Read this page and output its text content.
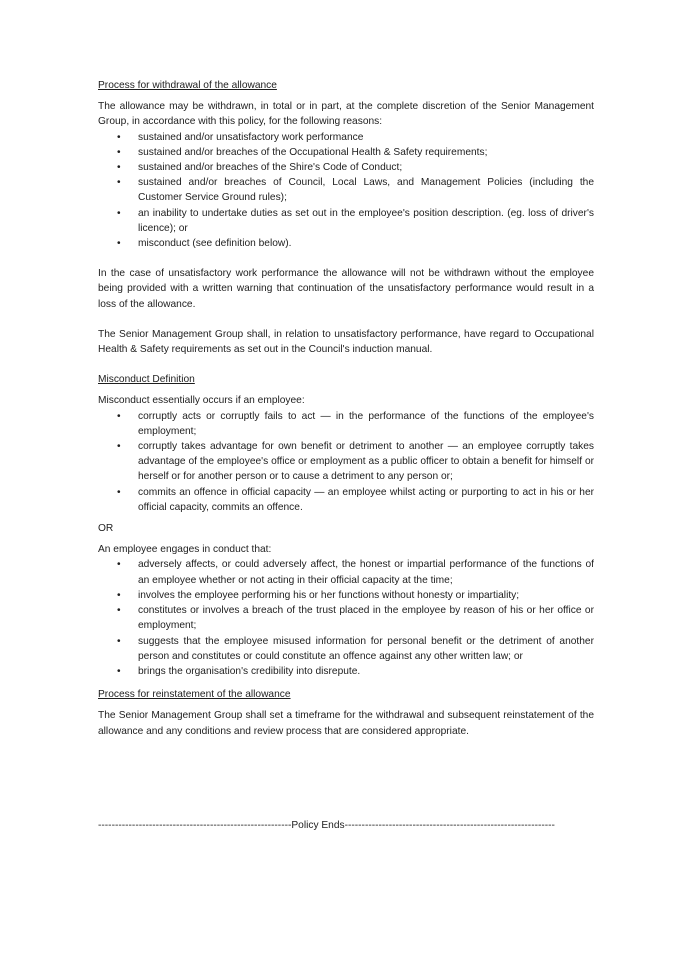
Process for withdrawal of the allowance

The allowance may be withdrawn, in total or in part, at the complete discretion of the Senior Management Group, in accordance with this policy, for the following reasons:

• sustained and/or unsatisfactory work performance
• sustained and/or breaches of the Occupational Health & Safety requirements;
• sustained and/or breaches of the Shire's Code of Conduct;
• sustained and/or breaches of Council, Local Laws, and Management Policies (including the Customer Service Ground rules);
• an inability to undertake duties as set out in the employee's position description. (eg. loss of driver's licence); or
• misconduct (see definition below).

In the case of unsatisfactory work performance the allowance will not be withdrawn without the employee being provided with a written warning that continuation of the unsatisfactory performance would result in a loss of the allowance.

The Senior Management Group shall, in relation to unsatisfactory performance, have regard to Occupational Health & Safety requirements as set out in the Council's induction manual.

Misconduct Definition

Misconduct essentially occurs if an employee:

• corruptly acts or corruptly fails to act — in the performance of the functions of the employee's employment;
• corruptly takes advantage for own benefit or detriment to another — an employee corruptly takes advantage of the employee's office or employment as a public officer to obtain a benefit for himself or herself or for another person or to cause a detriment to any person or;
• commits an offence in official capacity — an employee whilst acting or purporting to act in his or her official capacity, commits an offence.
OR

An employee engages in conduct that:

• adversely affects, or could adversely affect, the honest or impartial performance of the functions of an employee whether or not acting in their official capacity at the time;
• involves the employee performing his or her functions without honesty or impartiality;
• constitutes or involves a breach of the trust placed in the employee by reason of his or her office or employment;
• suggests that the employee misused information for personal benefit or the detriment of another person and constitutes or could constitute an offence against any other written law; or
• brings the organisation's credibility into disrepute.
Process for reinstatement of the allowance

The Senior Management Group shall set a timeframe for the withdrawal and subsequent reinstatement of the allowance and any conditions and review process that are considered appropriate.

---------------------------------------------------------Policy Ends--------------------------------------------------------------
